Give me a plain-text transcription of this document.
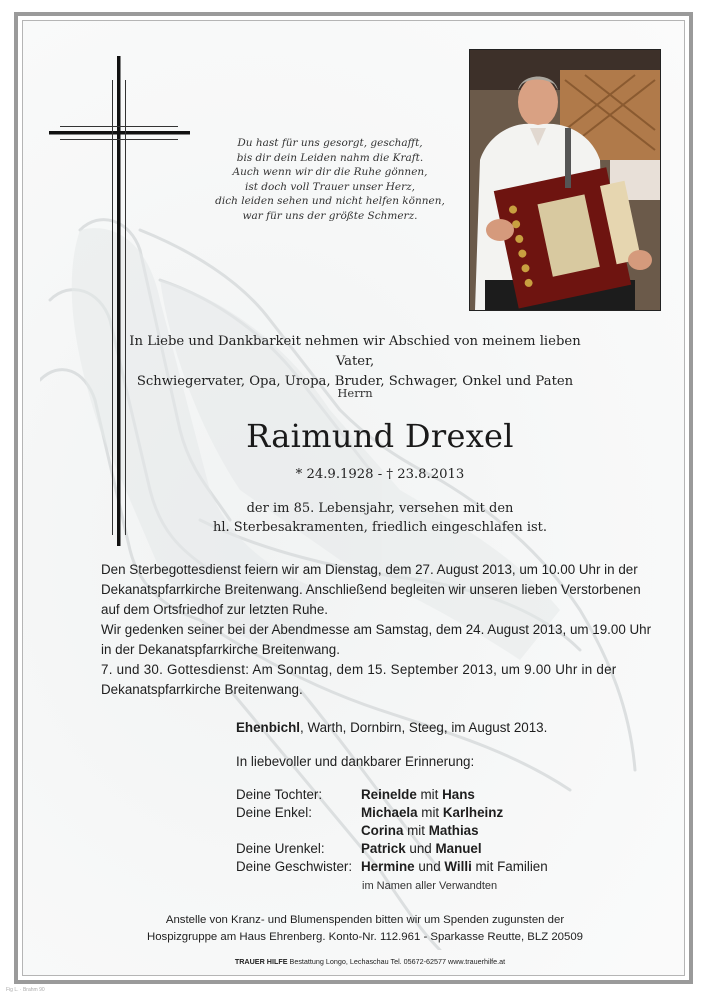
Du hast für uns gesorgt, geschafft,
bis dir dein Leiden nahm die Kraft.
Auch wenn wir dir die Ruhe gönnen,
ist doch voll Trauer unser Herz,
dich leiden sehen und nicht helfen können,
war für uns der größte Schmerz.
In Liebe und Dankbarkeit nehmen wir Abschied von meinem lieben Vater,
Schwiegervater, Opa, Uropa, Bruder, Schwager, Onkel und Paten
Herrn
Raimund Drexel
* 24.9.1928 - † 23.8.2013
der im 85. Lebensjahr, versehen mit den
hl. Sterbesakramenten, friedlich eingeschlafen ist.
Den Sterbegottesdienst feiern wir am Dienstag, dem 27. August 2013, um 10.00 Uhr in der
Dekanatspfarrkirche Breitenwang. Anschließend begleiten wir unseren lieben Verstorbenen
auf dem Ortsfriedhof zur letzten Ruhe.
Wir gedenken seiner bei der Abendmesse am Samstag, dem 24. August 2013, um 19.00 Uhr
in der Dekanatspfarrkirche Breitenwang.
7. und 30. Gottesdienst: Am Sonntag, dem 15. September 2013, um 9.00 Uhr in der
Dekanatspfarrkirche Breitenwang.
Ehenbichl, Warth, Dornbirn, Steeg, im August 2013.
In liebevoller und dankbarer Erinnerung:
Deine Tochter:	Reinelde mit Hans
Deine Enkel:	Michaela mit Karlheinz
Corina mit Mathias
Deine Urenkel:	Patrick und Manuel
Deine Geschwister: Hermine und Willi mit Familien
im Namen aller Verwandten
Anstelle von Kranz- und Blumenspenden bitten wir um Spenden zugunsten der
Hospizgruppe am Haus Ehrenberg. Konto-Nr. 112.961 - Sparkasse Reutte, BLZ 20509
TRAUER HILFE Bestattung Longo, Lechaschau Tel. 05672-62577 www.trauerhilfe.at
Fig L. · Brahm 90
